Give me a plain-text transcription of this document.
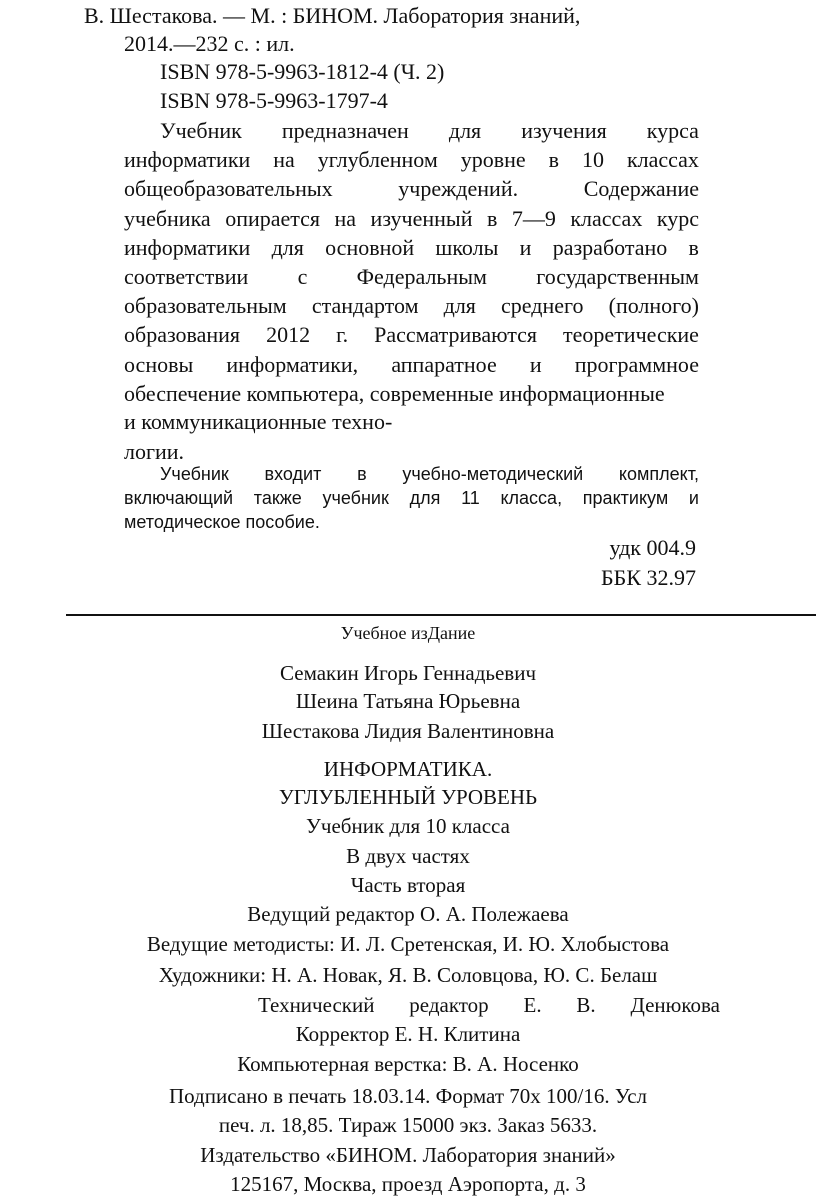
В. Шестакова. — М. : БИНОМ. Лаборатория знаний,
2014.—232 с. : ил.
ISBN 978-5-9963-1812-4 (Ч. 2)
ISBN 978-5-9963-1797-4
Учебник предназначен для изучения курса
информатики на углубленном уровне в 10 классах
общеобразовательных	учреждений.	Содержание
учебника опирается на изученный в 7—9 классах курс
информатики для основной школы и разработано в
соответствии с Федеральным государственным
образовательным стандартом для среднего (полного)
образования 2012 г. Рассматриваются теоретические
основы информатики, аппаратное и программное
обеспечение компьютера, современные информационные
и коммуникационные техно-
логии.
Учебник входит в учебно-методический комплект,
включающий также учебник для 11 класса, практикум и
методическое пособие.
удк 004.9
ББК 32.97
Учебное изДание
Семакин Игорь Геннадьевич
Шеина Татьяна Юрьевна
Шестакова Лидия Валентиновна
ИНФОРМАТИКА.
УГЛУБЛЕННЫЙ УРОВЕНЬ
Учебник для 10 класса
В двух частях
Часть вторая
Ведущий редактор О. А. Полежаева
Ведущие методисты: И. Л. Сретенская, И. Ю. Хлобыстова
Художники: Н. А. Новак, Я. В. Соловцова, Ю. С. Белаш
Технический редактор Е. В. Денюкова
Корректор Е. Н. Клитина
Компьютерная верстка: В. А. Носенко
Подписано в печать 18.03.14. Формат 70x 100/16. Усл
печ. л. 18,85. Тираж 15000 экз. Заказ 5633.
Издательство «БИНОМ. Лаборатория знаний»
125167, Москва, проезд Аэропорта, д. 3
